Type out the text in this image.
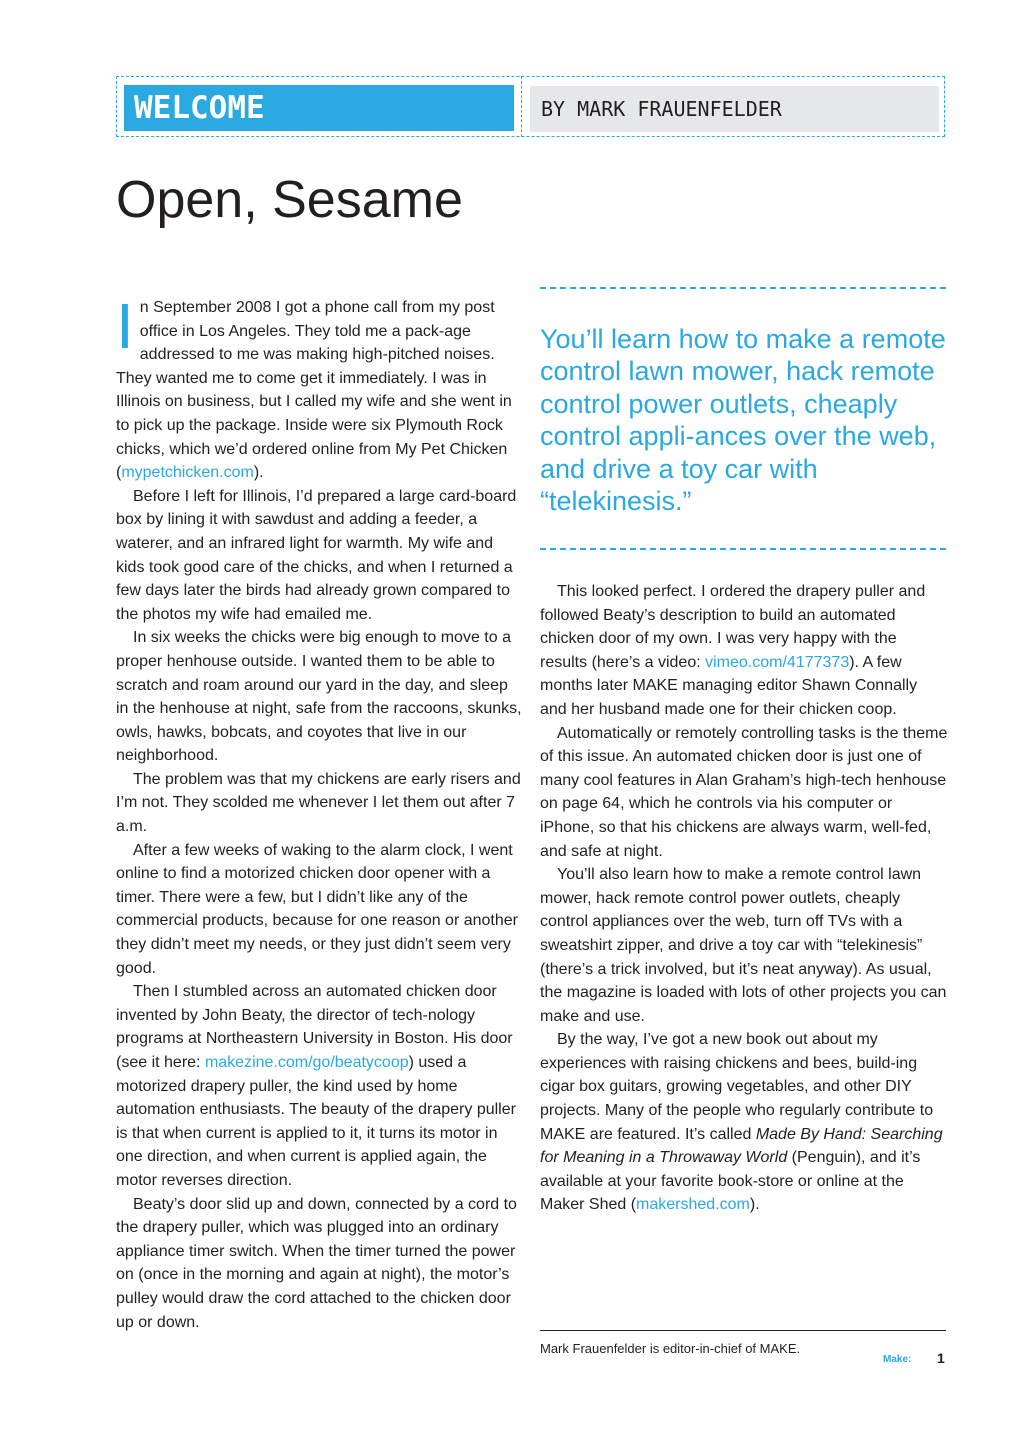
WELCOME	BY MARK FRAUENFELDER
Open, Sesame

In September 2008 I got a phone call from my post office in Los Angeles. They told me a pack-age addressed to me was making high-pitched noises. They wanted me to come get it immediately. I was in Illinois on business, but I called my wife and she went in to pick up the package. Inside were six Plymouth Rock chicks, which we’d ordered online from My Pet Chicken (mypetchicken.com).

Before I left for Illinois, I’d prepared a large card-board box by lining it with sawdust and adding a feeder, a waterer, and an infrared light for warmth. My wife and kids took good care of the chicks, and when I returned a few days later the birds had already grown compared to the photos my wife had emailed me.

In six weeks the chicks were big enough to move to a proper henhouse outside. I wanted them to be able to scratch and roam around our yard in the day, and sleep in the henhouse at night, safe from the raccoons, skunks, owls, hawks, bobcats, and coyotes that live in our neighborhood.

The problem was that my chickens are early risers and I’m not. They scolded me whenever I let them out after 7 a.m.

After a few weeks of waking to the alarm clock, I went online to find a motorized chicken door opener with a timer. There were a few, but I didn’t like any of the commercial products, because for one reason or another they didn’t meet my needs, or they just didn’t seem very good.

Then I stumbled across an automated chicken door invented by John Beaty, the director of tech-nology programs at Northeastern University in Boston. His door (see it here: makezine.com/go/beatycoop) used a motorized drapery puller, the kind used by home automation enthusiasts. The beauty of the drapery puller is that when current is applied to it, it turns its motor in one direction, and when current is applied again, the motor reverses direction.

Beaty’s door slid up and down, connected by a cord to the drapery puller, which was plugged into an ordinary appliance timer switch. When the timer turned the power on (once in the morning and again at night), the motor’s pulley would draw the cord attached to the chicken door up or down.

You’ll learn how to make a remote control lawn mower, hack remote control power outlets, cheaply control appli-ances over the web, and drive a toy car with “telekinesis.”

This looked perfect. I ordered the drapery puller and followed Beaty’s description to build an automated chicken door of my own. I was very happy with the results (here’s a video: vimeo.com/4177373). A few months later MAKE managing editor Shawn Connally and her husband made one for their chicken coop.

Automatically or remotely controlling tasks is the theme of this issue. An automated chicken door is just one of many cool features in Alan Graham’s high-tech henhouse on page 64, which he controls via his computer or iPhone, so that his chickens are always warm, well-fed, and safe at night.

You’ll also learn how to make a remote control lawn mower, hack remote control power outlets, cheaply control appliances over the web, turn off TVs with a sweatshirt zipper, and drive a toy car with “telekinesis” (there’s a trick involved, but it’s neat anyway). As usual, the magazine is loaded with lots of other projects you can make and use.

By the way, I’ve got a new book out about my experiences with raising chickens and bees, build-ing cigar box guitars, growing vegetables, and other DIY projects. Many of the people who regularly contribute to MAKE are featured. It’s called Made By Hand: Searching for Meaning in a Throwaway World (Penguin), and it’s available at your favorite book-store or online at the Maker Shed (makershed.com).

Mark Frauenfelder is editor-in-chief of MAKE.
Make: 1
